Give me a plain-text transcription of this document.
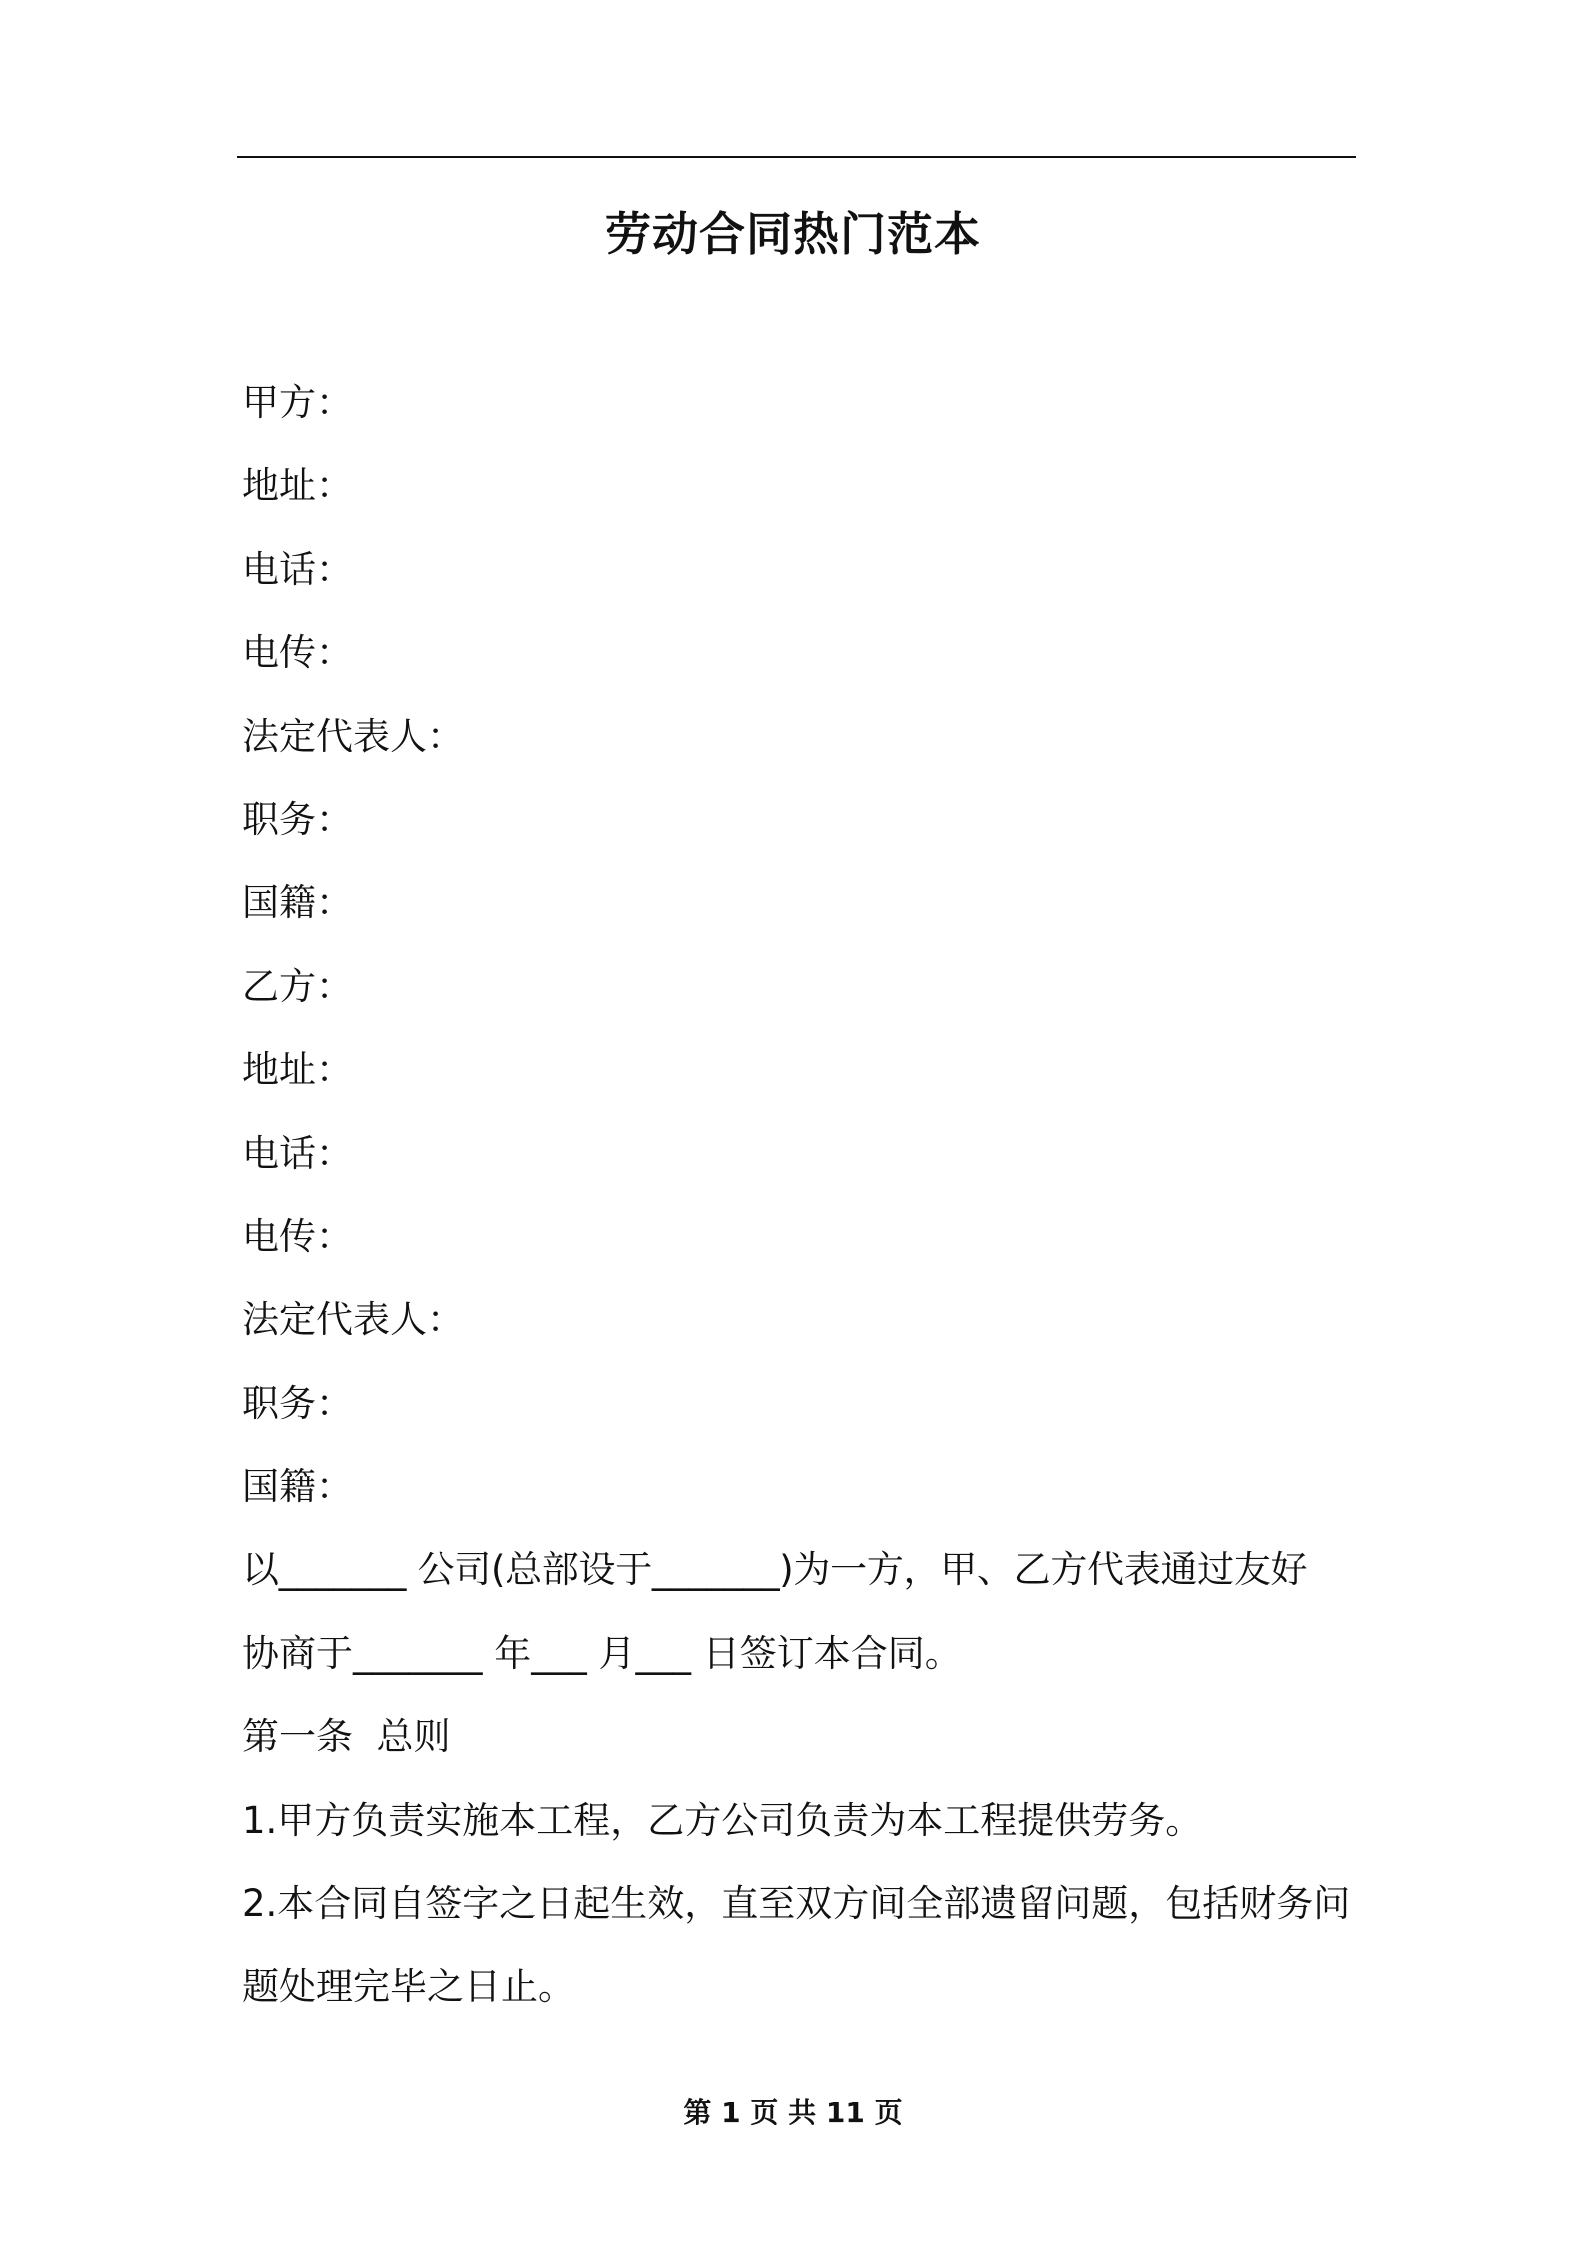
劳动合同热门范本
甲方：
地址：
电话：
电传：
法定代表人：
职务：
国籍：
乙方：
地址：
电话：
电传：
法定代表人：
职务：
国籍：
以_______ 公司(总部设于_______)为一方，甲、乙方代表通过友好
协商于_______ 年___ 月___ 日签订本合同。
第一条  总则
1.甲方负责实施本工程，乙方公司负责为本工程提供劳务。
2.本合同自签字之日起生效，直至双方间全部遗留问题，包括财务问
题处理完毕之日止。
第 1 页 共 11 页
